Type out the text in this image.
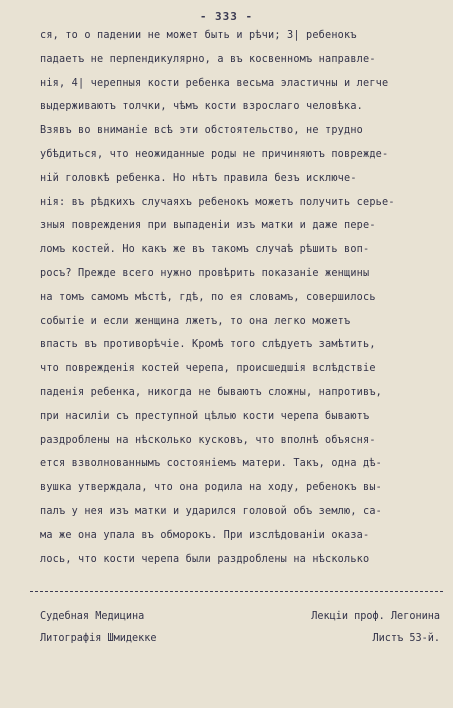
- 333 -
ся, то о падении не может быть и рѣчи; 3| ребенокъ
падаетъ не перпендикулярно, а въ косвенномъ направле-
нія, 4| черепныя кости ребенка весьма эластичны и легче
выдерживаютъ толчки, чѣмъ кости взрослаго человѣка.
Взявъ во вниманіе всѣ эти обстоятельство, не трудно
убѣдиться, что неожиданные роды не причиняютъ поврежде-
ній головкѣ ребенка. Но нѣтъ правила безъ исключе-
нія: въ рѣдкихъ случаяхъ ребенокъ можетъ получить серье-
зныя повреждения при выпаденіи изъ матки и даже пере-
ломъ костей. Но какъ же въ такомъ случаѣ рѣшить воп-
росъ? Прежде всего нужно провѣрить показаніе женщины
на томъ самомъ мѣстѣ, гдѣ, по ея словамъ, совершилось
событіе и если женщина лжетъ, то она легко можетъ
впасть въ противорѣчіе. Кромѣ того слѣдуетъ замѣтить,
что поврежденія костей черепа, происшедшія вслѣдствіе
паденія ребенка, никогда не бываютъ сложны, напротивъ,
при насиліи съ преступной цѣлью кости черепа бываютъ
раздроблены на нѣсколько кусковъ, что вполнѣ объясня-
ется взволнованнымъ состояніемъ матери. Такъ, одна дѣ-
вушка утверждала, что она родила на ходу, ребенокъ вы-
палъ у нея изъ матки и ударился головой объ землю, са-
ма же она упала въ обморокъ. При изслѣдованіи оказа-
лось, что кости черепа были раздроблены на нѣсколько
Судебная Медицина	Лекціи проф. Легонина
Литографія Шмидекке	Листъ 53-й.
